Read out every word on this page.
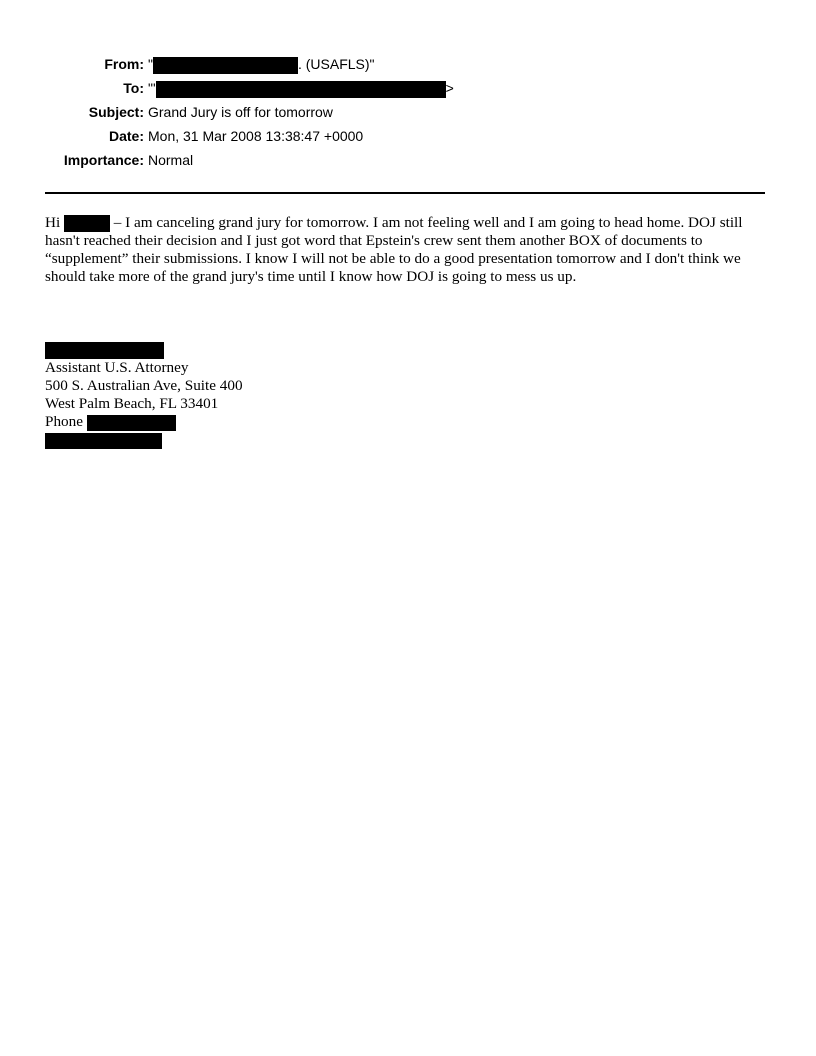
From: "	. (USAFLS)"
To: "'	>
Subject: Grand Jury is off for tomorrow
Date: Mon, 31 Mar 2008 13:38:47 +0000
Importance: Normal

Hi	– I am canceling grand jury for tomorrow. I am not feeling well and I am going to head home. DOJ still hasn't reached their decision and I just got word that Epstein's crew sent them another BOX of documents to “supplement” their submissions. I know I will not be able to do a good presentation tomorrow and I don't think we should take more of the grand jury's time until I know how DOJ is going to mess us up.

Assistant U.S. Attorney
500 S. Australian Ave, Suite 400
West Palm Beach, FL 33401
Phone
